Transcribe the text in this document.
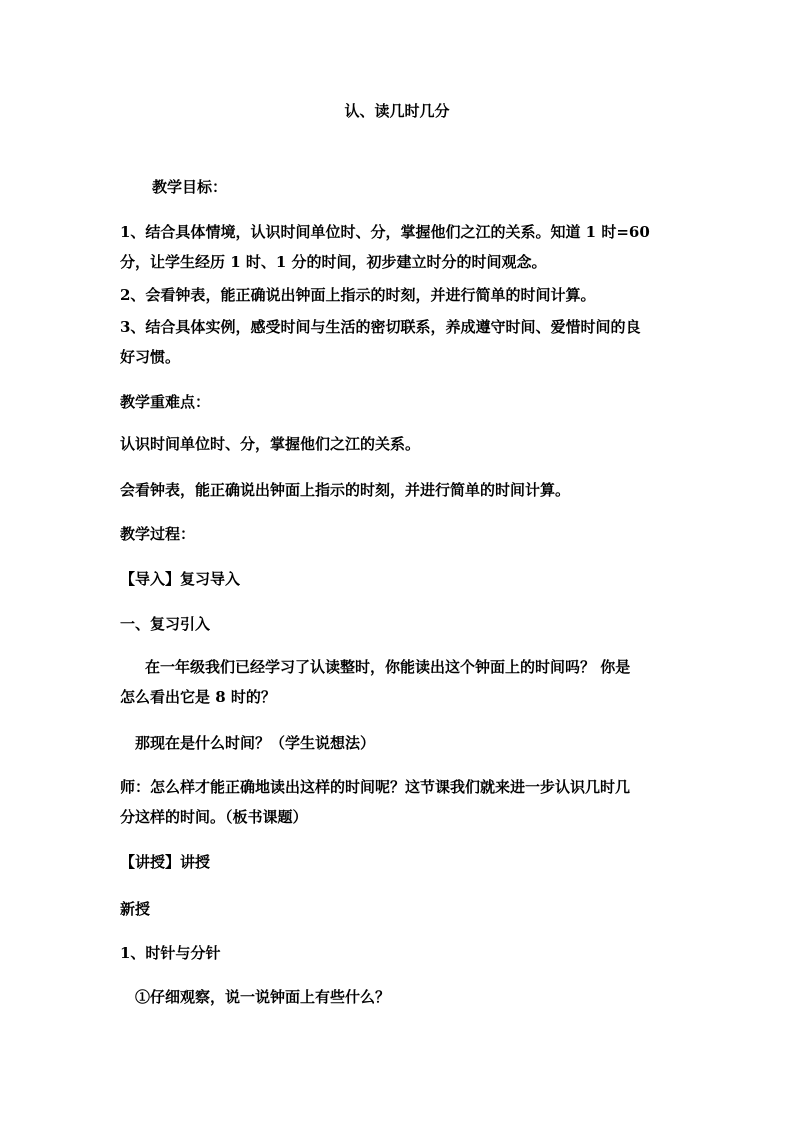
认、读几时几分
教学目标：
1、结合具体情境，认识时间单位时、分，掌握他们之江的关系。知道 1 时=60
分，让学生经历 1 时、1 分的时间，初步建立时分的时间观念。
2、会看钟表，能正确说出钟面上指示的时刻，并进行简单的时间计算。
3、结合具体实例，感受时间与生活的密切联系，养成遵守时间、爱惜时间的良
好习惯。
教学重难点：
认识时间单位时、分，掌握他们之江的关系。
会看钟表，能正确说出钟面上指示的时刻，并进行简单的时间计算。
教学过程：
【导入】复习导入
一、复习引入
在一年级我们已经学习了认读整时，你能读出这个钟面上的时间吗？ 你是
怎么看出它是 8 时的？
那现在是什么时间？（学生说想法）
师：怎么样才能正确地读出这样的时间呢？这节课我们就来进一步认识几时几
分这样的时间。（板书课题）
【讲授】讲授
新授
1、时针与分针
①仔细观察，说一说钟面上有些什么？
